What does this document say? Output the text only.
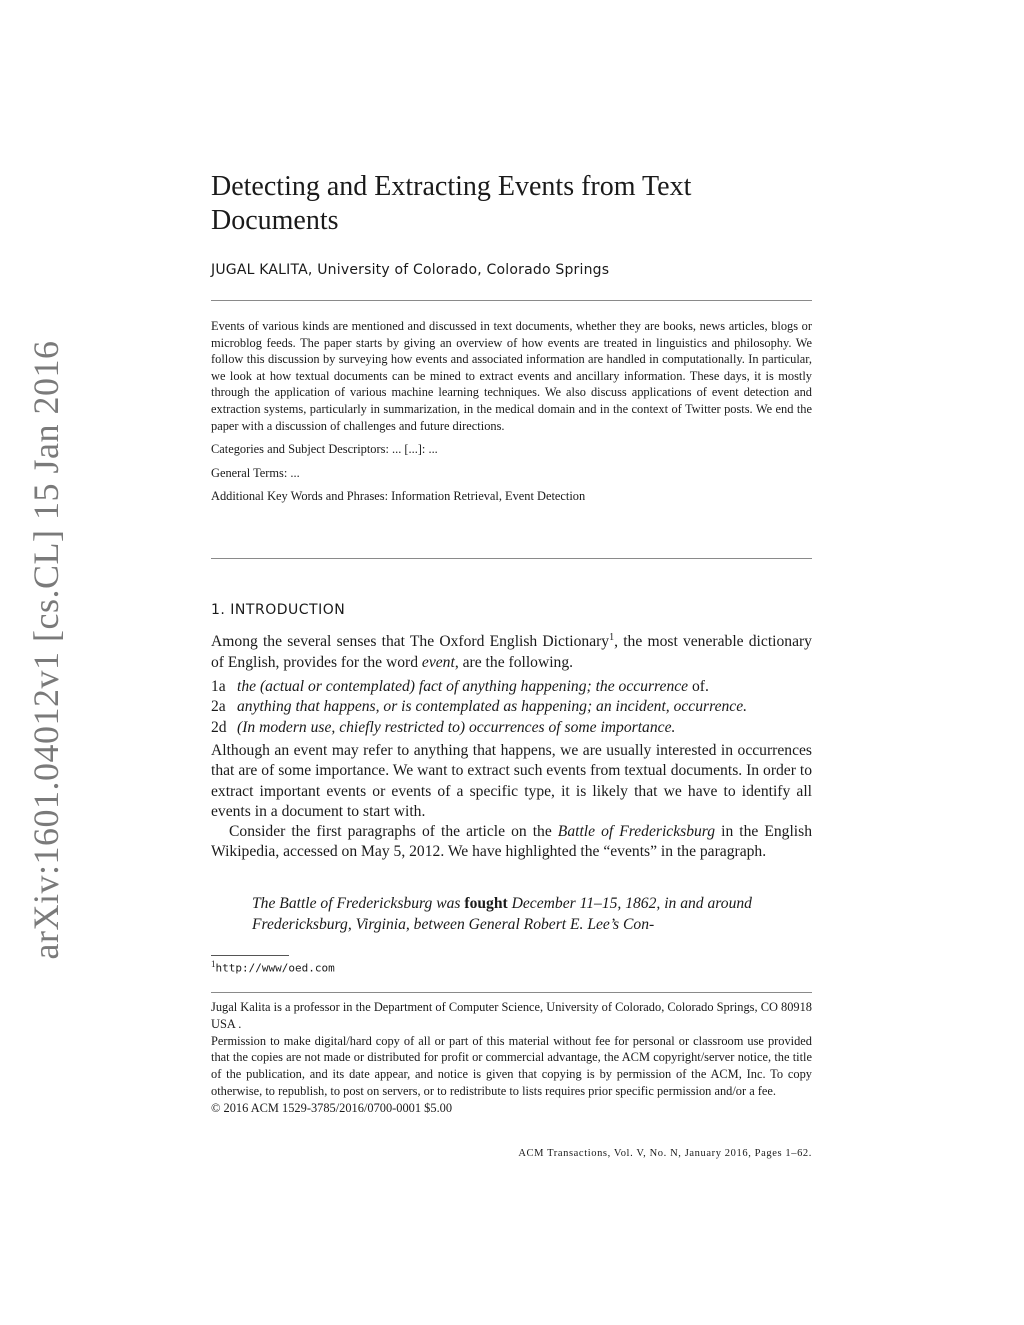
arXiv:1601.04012v1 [cs.CL] 15 Jan 2016
Detecting and Extracting Events from Text Documents
JUGAL KALITA, University of Colorado, Colorado Springs

Events of various kinds are mentioned and discussed in text documents, whether they are books, news articles, blogs or microblog feeds. The paper starts by giving an overview of how events are treated in linguistics and philosophy. We follow this discussion by surveying how events and associated information are handled in computationally. In particular, we look at how textual documents can be mined to extract events and ancillary information. These days, it is mostly through the application of various machine learning techniques. We also discuss applications of event detection and extraction systems, particularly in summarization, in the medical domain and in the context of Twitter posts. We end the paper with a discussion of challenges and future directions.

Categories and Subject Descriptors: ... [...]: ...

General Terms: ...

Additional Key Words and Phrases: Information Retrieval, Event Detection

1. INTRODUCTION

Among the several senses that The Oxford English Dictionary$^1$, the most venerable dictionary of English, provides for the word event, are the following.

1a the (actual or contemplated) fact of anything happening; the occurrence of.
2a anything that happens, or is contemplated as happening; an incident, occurrence.
2d (In modern use, chiefly restricted to) occurrences of some importance.

Although an event may refer to anything that happens, we are usually interested in occurrences that are of some importance. We want to extract such events from textual documents. In order to extract important events or events of a specific type, it is likely that we have to identify all events in a document to start with.

Consider the first paragraphs of the article on the Battle of Fredericksburg in the English Wikipedia, accessed on May 5, 2012. We have highlighted the “events” in the paragraph.

The Battle of Fredericksburg was fought December 11–15, 1862, in and around Fredericksburg, Virginia, between General Robert E. Lee’s Con-
$^1$http://www/oed.com

Jugal Kalita is a professor in the Department of Computer Science, University of Colorado, Colorado Springs, CO 80918 USA .

Permission to make digital/hard copy of all or part of this material without fee for personal or classroom use provided that the copies are not made or distributed for profit or commercial advantage, the ACM copyright/server notice, the title of the publication, and its date appear, and notice is given that copying is by permission of the ACM, Inc. To copy otherwise, to republish, to post on servers, or to redistribute to lists requires prior specific permission and/or a fee.

© 2016 ACM 1529-3785/2016/0700-0001 $5.00

ACM Transactions, Vol. V, No. N, January 2016, Pages 1–62.
